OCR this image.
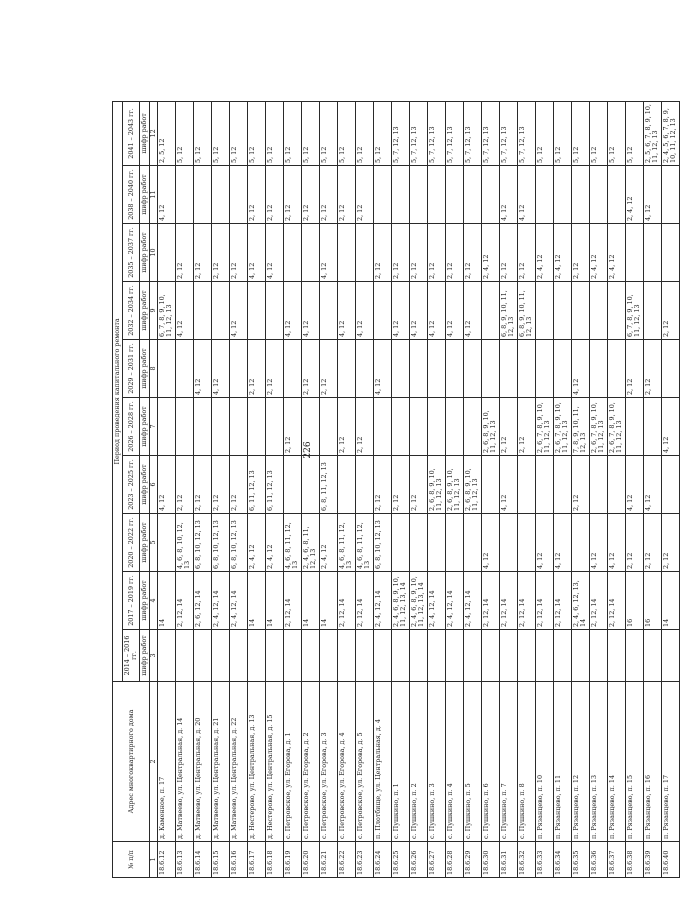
226
№ п/п	Адрес многоквартирного дома	Период проведения капитального ремонта									
		2014 – 2016 гг.	2017 – 2019 гг.	2020 – 2022 гг.	2023 – 2025 гг.	2026 – 2028 гг.	2029 – 2031 гг.	2032 – 2034 гг.	2035 – 2037 гг.	2038 – 2040 гг.	2041 – 2043 гг.
		шифр работ	шифр работ	шифр работ	шифр работ	шифр работ	шифр работ	шифр работ	шифр работ	шифр работ	шифр работ
1	2	3	4	5	6	7	8	9	10	11	12
18.6.12	д. Каменное, п. 17		14		4, 12			6, 7, 8, 9, 10, 11, 12, 13		4, 12	2, 5, 12
18.6.13	д. Матвеево, ул. Центральная, д. 14		2, 12, 14	4, 6, 8, 10, 12, 13	2, 12			4, 12	2, 12		5, 12
18.6.14	д. Матвеево, ул. Центральная, д. 20		2, 6, 12, 14	6, 8, 10, 12, 13	2, 12		4, 12		2, 12		5, 12
18.6.15	д. Матвеево, ул. Центральная, д. 21		2, 4, 12, 14	6, 8, 10, 12, 13	2, 12		4, 12		2, 12		5, 12
18.6.16	д. Матвеево, ул. Центральная, д. 22		2, 4, 12, 14	6, 8, 10, 12, 13	2, 12			4, 12	2, 12		5, 12
18.6.17	д. Нестерово, ул. Центральная, д. 13		14	2, 4, 12	6, 11, 12, 13		2, 12		4, 12	2, 12	5, 12
18.6.18	д. Нестерово, ул. Центральная, д. 15		14	2, 4, 12	6, 11, 12, 13		2, 12		4, 12	2, 12	5, 12
18.6.19	с. Петровское, ул. Егорова, д. 1		2, 12, 14	4, 6, 8, 11, 12, 13		2, 12		4, 12		2, 12	5, 12
18.6.20	с. Петровское, ул. Егорова, д. 2		14	2, 4, 6, 8, 11, 12, 13			2, 12	4, 12		2, 12	5, 12
18.6.21	с. Петровское, ул. Егорова, д. 3		14	2, 4, 12	6, 8, 11, 12, 13		2, 12		4, 12	2, 12	5, 12
18.6.22	с. Петровское, ул. Егорова, д. 4		2, 12, 14	4, 6, 8, 11, 12, 13		2, 12		4, 12		2, 12	5, 12
18.6.23	с. Петровское, ул. Егорова, д. 5		2, 12, 14	4, 6, 8, 11, 12, 13		2, 12		4, 12		2, 12	5, 12
18.6.24	п. Плотбище, ул. Центральная, д. 4		2, 4, 12, 14	6, 8, 10, 12, 13	2, 12		4, 12		2, 12		5, 12
18.6.25	с. Пушкино, п. 1		2, 4, 6, 8, 9, 10, 11, 12, 13, 14		2, 12			4, 12	2, 12		5, 7, 12, 13
18.6.26	с. Пушкино, п. 2		2, 4, 6, 8, 9, 10, 11, 12, 13, 14		2, 12			4, 12	2, 12		5, 7, 12, 13
18.6.27	с. Пушкино, п. 3		2, 4, 12, 14		2, 6, 8, 9, 10, 11, 12, 13			4, 12	2, 12		5, 7, 12, 13
18.6.28	с. Пушкино, п. 4		2, 4, 12, 14		2, 6, 8, 9, 10, 11, 12, 13			4, 12	2, 12		5, 7, 12, 13
18.6.29	с. Пушкино, п. 5		2, 4, 12, 14		2, 6, 8, 9, 10, 11, 12, 13			4, 12	2, 12		5, 7, 12, 13
18.6.30	с. Пушкино, п. 6		2, 12, 14	4, 12		2, 6, 8, 9, 10, 11, 12, 13			2, 4, 12		5, 7, 12, 13
18.6.31	с. Пушкино, п. 7		2, 12, 14		4, 12	2, 12		6, 8, 9, 10, 11, 12, 13	2, 12	4, 12	5, 7, 12, 13
18.6.32	с. Пушкино, п. 8		2, 12, 14			2, 12		6, 8, 9, 10, 11, 12, 13	2, 12	4, 12	5, 7, 12, 13
18.6.33	п. Рязанцево, п. 10		2, 12, 14	4, 12		2, 6, 7, 8, 9, 10, 11, 12, 13			2, 4, 12		5, 12
18.6.34	п. Рязанцево, п. 11		2, 12, 14	4, 12		2, 6, 7, 8, 9, 10, 11, 12, 13			2, 4, 12		5, 12
18.6.35	п. Рязанцево, п. 12		2, 4, 6, 12, 13, 14		2, 12	7, 8, 9, 10, 11, 12, 13	4, 12		2, 12		5, 12
18.6.36	п. Рязанцево, п. 13		2, 12, 14	4, 12		2, 6, 7, 8, 9, 10, 11, 12, 13			2, 4, 12		5, 12
18.6.37	п. Рязанцево, п. 14		2, 12, 14	4, 12		2, 6, 7, 8, 9, 10, 11, 12, 13			2, 4, 12		5, 12
18.6.38	п. Рязанцево, п. 15		16	2, 12	4, 12		2, 12	6, 7, 8, 9, 10, 11, 12, 13		2, 4, 12	5, 12
18.6.39	п. Рязанцево, п. 16		16	2, 12	4, 12		2, 12			4, 12	2, 5, 6, 7, 8, 9, 10, 11, 12, 13
18.6.40	п. Рязанцево, п. 17		14	2, 12		4, 12		2, 12			2, 4, 5, 6, 7, 8, 9, 10, 11, 12, 13
